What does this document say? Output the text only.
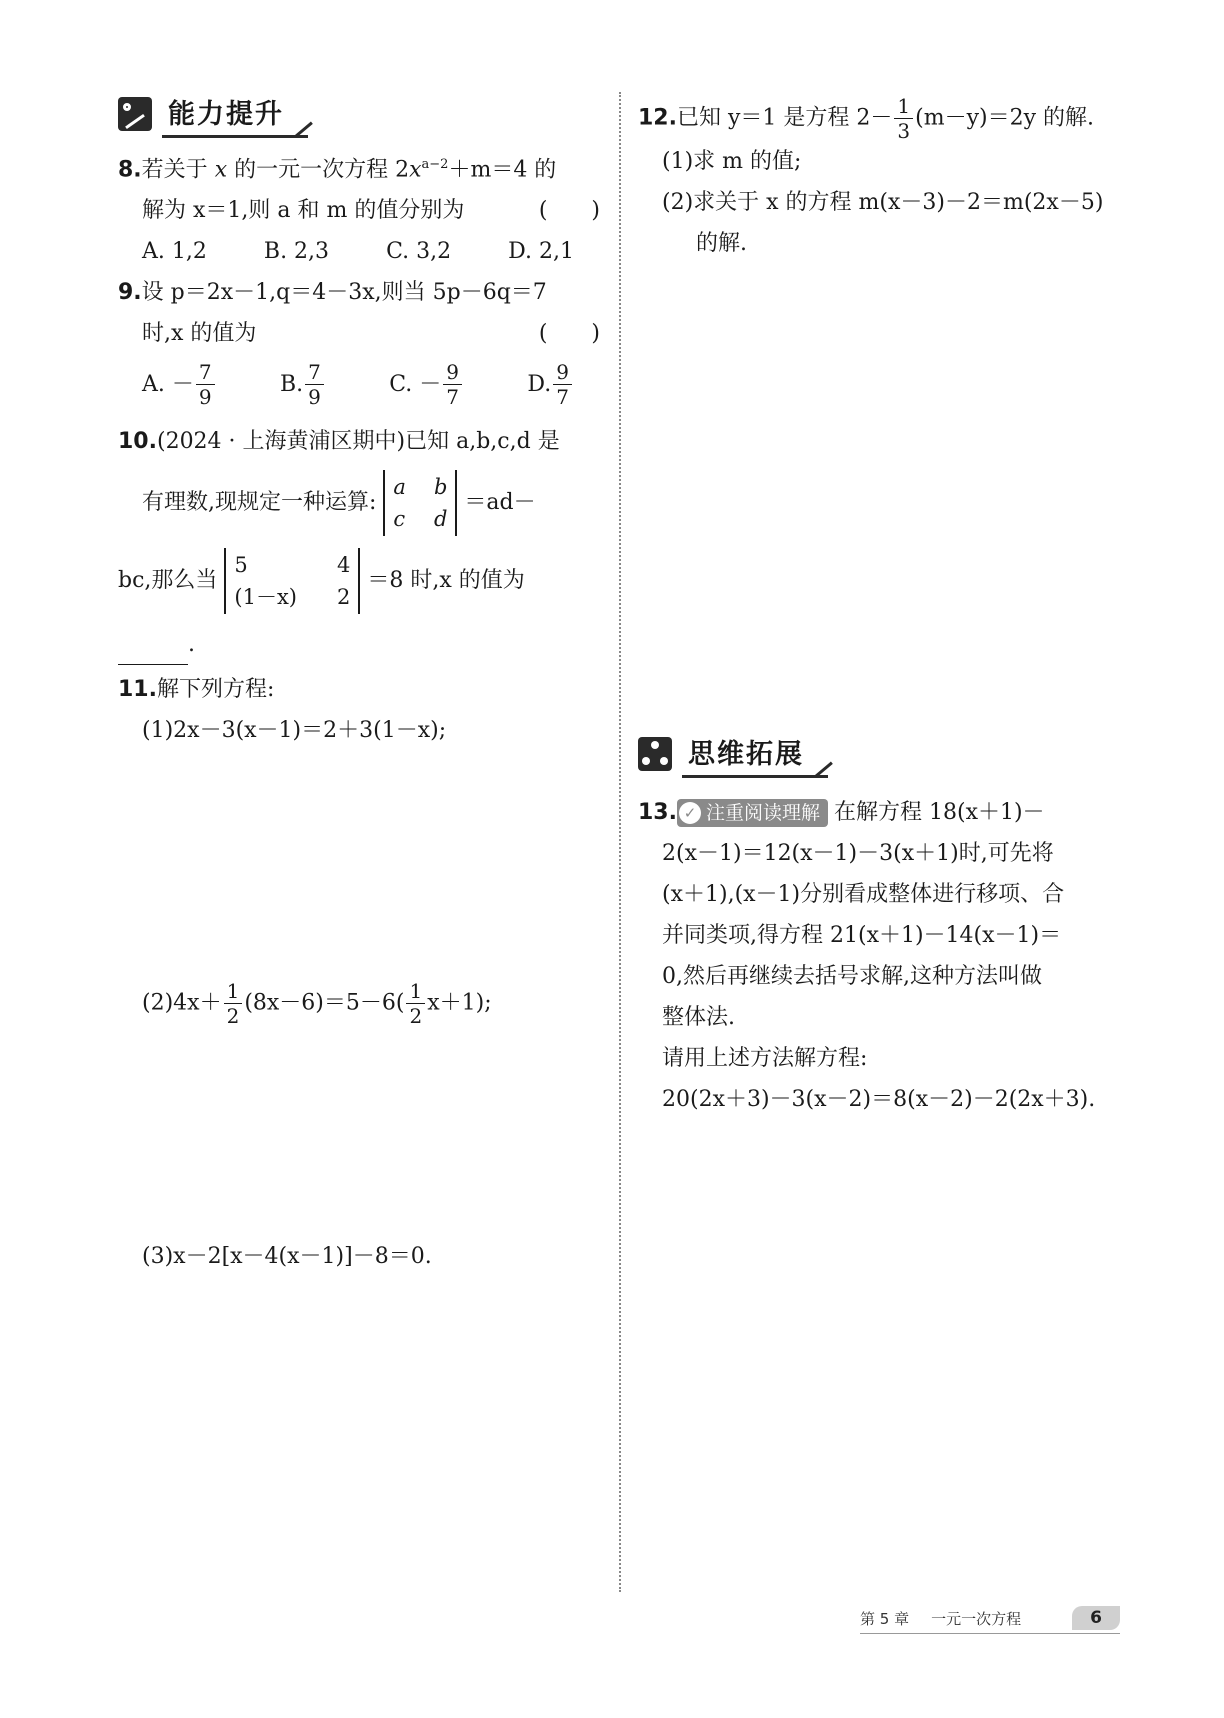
能力提升
8.若关于 x 的一元一次方程 $2x^{a-2}+m=4$ 的
解为 x＝1,则 a 和 m 的值分别为	(　　)
A. 1,2	B. 2,3	C. 3,2	D. 2,1
9.设 p＝2x－1,q＝4－3x,则当 5p－6q＝7
时,x 的值为	(　　)
A. － $\frac{7}{9}$	B. $\frac{7}{9}$	C. － $\frac{9}{7}$	D. $\frac{9}{7}$
10.(2024 · 上海黄浦区期中)已知 a,b,c,d 是
有理数,现规定一种运算:
a b
c d
＝ad－
bc,那么当
5	4
(1－x) 2
＝8 时,x 的值为
.
11.解下列方程:
(1)2x－3(x－1)＝2＋3(1－x);
$(2)4x+ \frac{1}{2} (8x-6)=5-6( \frac{1}{2} x+1)$;
(3)x－2[x－4(x－1)]－8＝0.
12.已知 y＝1 是方程 $2- \frac{1}{3} (m-y)=2y$ 的解.
(1)求 m 的值;
(2)求关于 x 的方程 m(x－3)－2＝m(2x－5)
的解.
思维拓展
13. ✓ 注重阅读理解 在解方程 18(x＋1)－
2(x－1)＝12(x－1)－3(x＋1)时,可先将
(x＋1),(x－1)分别看成整体进行移项、合
并同类项,得方程 21(x＋1)－14(x－1)＝
0,然后再继续去括号求解,这种方法叫做
整体法.
请用上述方法解方程:
20(2x＋3)－3(x－2)＝8(x－2)－2(2x＋3).
第 5 章 一元一次方程	6
